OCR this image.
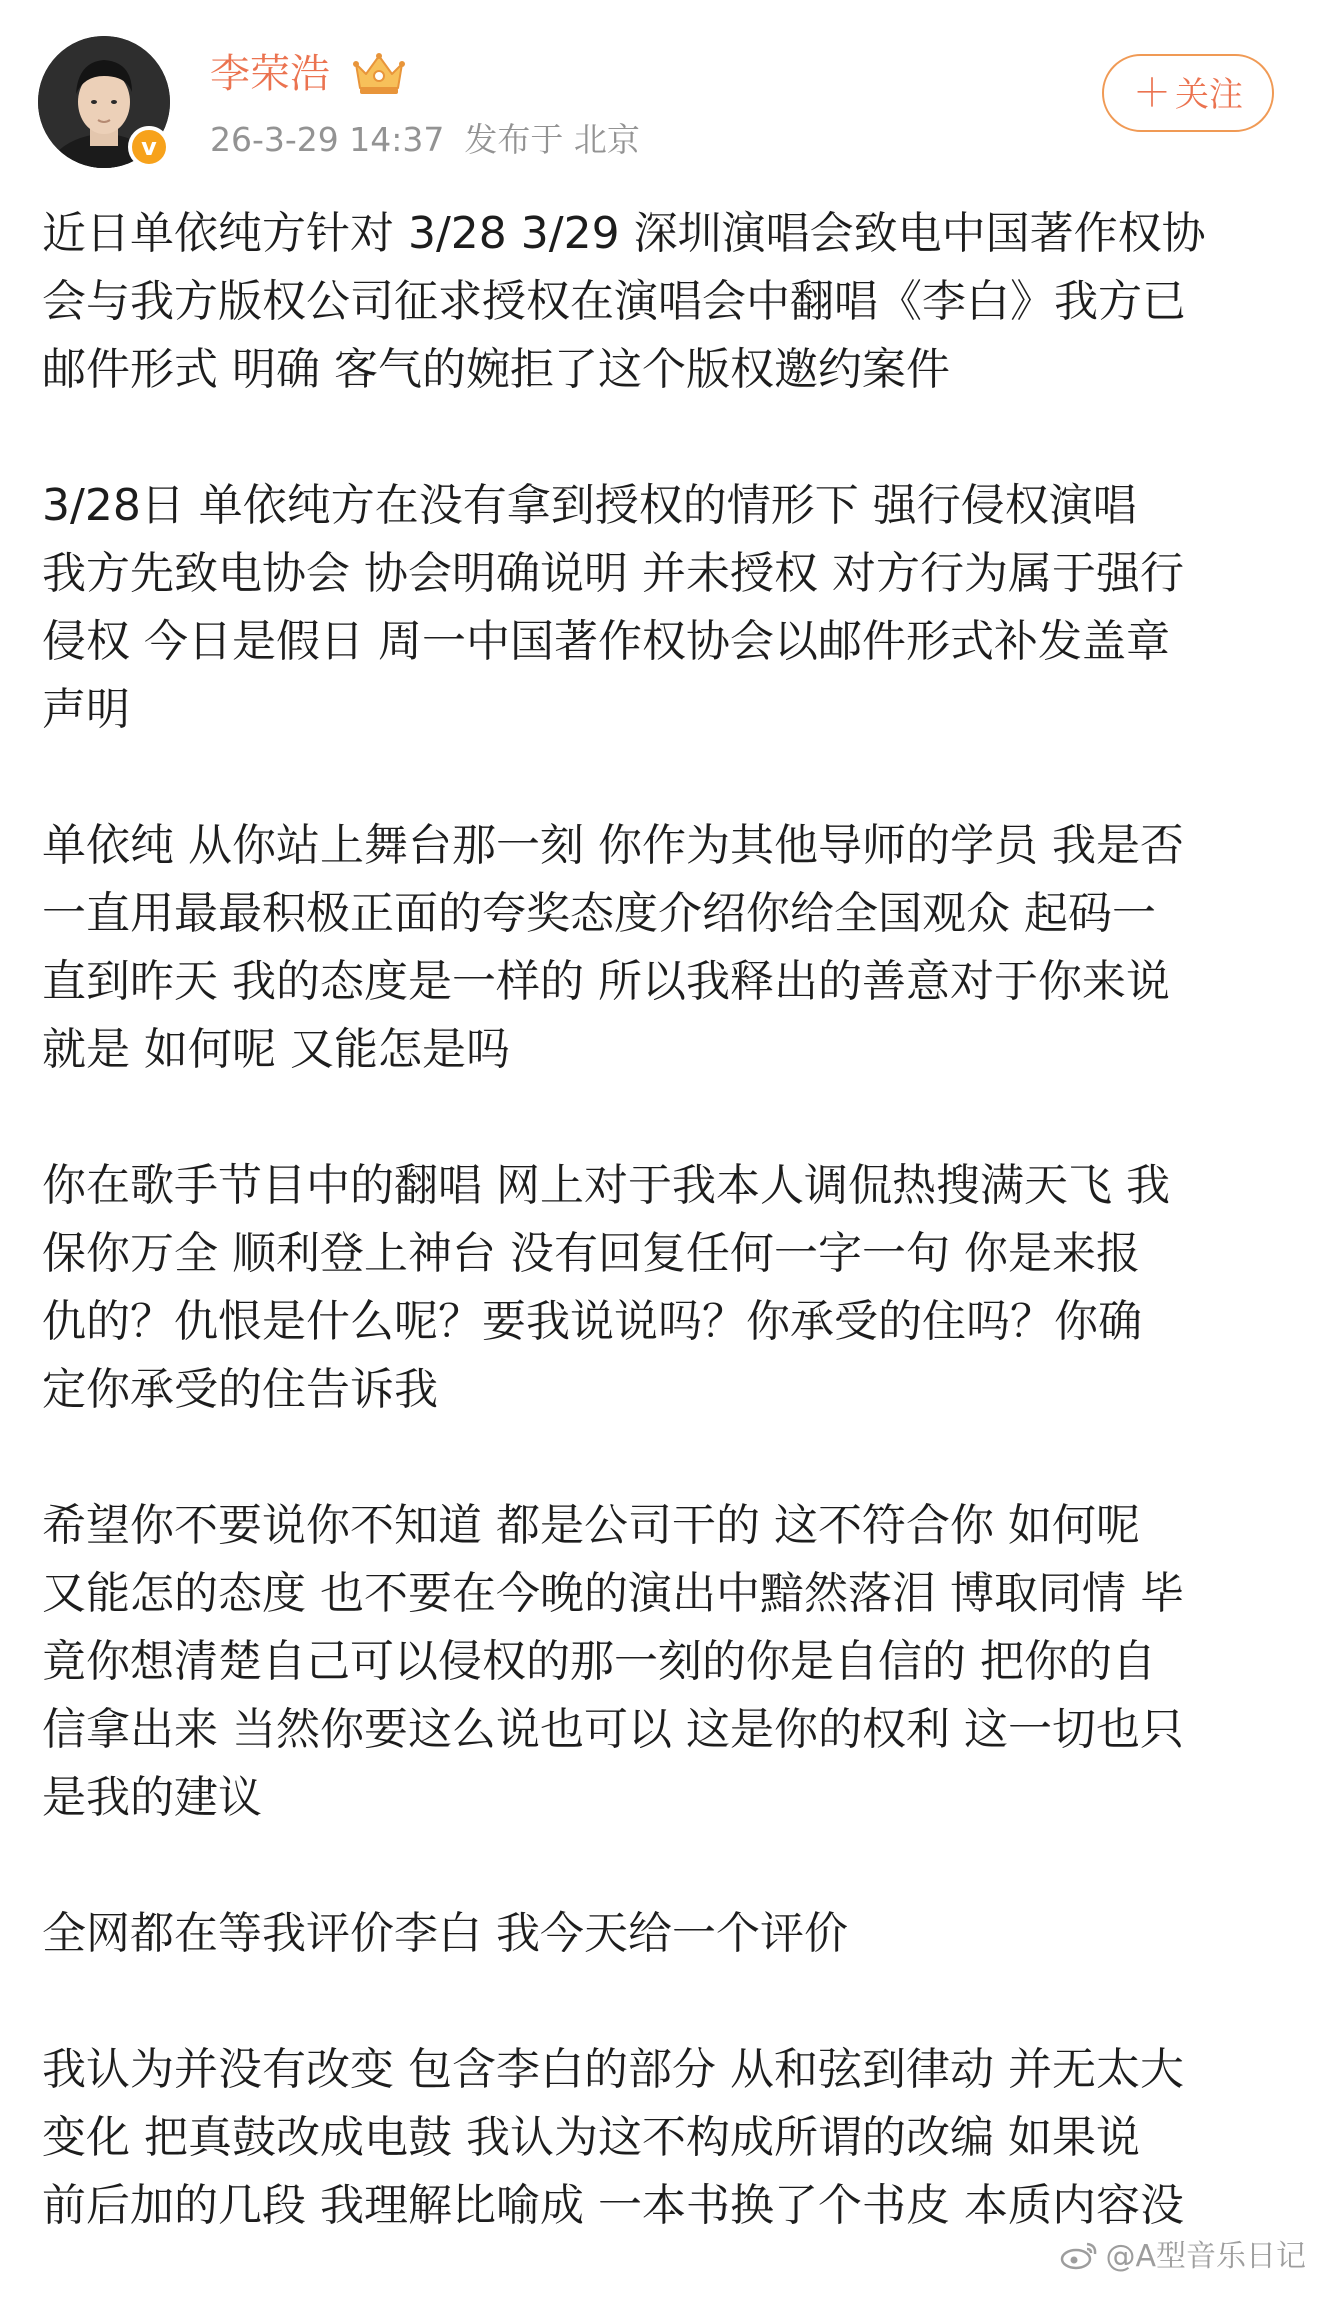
v
李荣浩
26-3-29 14:37 发布于 北京
＋ 关注

近日单依纯方针对 3/28 3/29 深圳演唱会致电中国著作权协
会与我方版权公司征求授权在演唱会中翻唱《李白》我方已
邮件形式 明确 客气的婉拒了这个版权邀约案件

3/28日 单依纯方在没有拿到授权的情形下 强行侵权演唱
我方先致电协会 协会明确说明 并未授权 对方行为属于强行
侵权 今日是假日 周一中国著作权协会以邮件形式补发盖章
声明

单依纯 从你站上舞台那一刻 你作为其他导师的学员 我是否
一直用最最积极正面的夸奖态度介绍你给全国观众 起码一
直到昨天 我的态度是一样的 所以我释出的善意对于你来说
就是 如何呢 又能怎是吗

你在歌手节目中的翻唱 网上对于我本人调侃热搜满天飞 我
保你万全 顺利登上神台 没有回复任何一字一句 你是来报
仇的？仇恨是什么呢？要我说说吗？你承受的住吗？你确
定你承受的住告诉我

希望你不要说你不知道 都是公司干的 这不符合你 如何呢
又能怎的态度 也不要在今晚的演出中黯然落泪 博取同情 毕
竟你想清楚自己可以侵权的那一刻的你是自信的 把你的自
信拿出来 当然你要这么说也可以 这是你的权利 这一切也只
是我的建议

全网都在等我评价李白 我今天给一个评价

我认为并没有改变 包含李白的部分 从和弦到律动 并无太大
变化 把真鼓改成电鼓 我认为这不构成所谓的改编 如果说
前后加的几段 我理解比喻成 一本书换了个书皮 本质内容没

@A型音乐日记
